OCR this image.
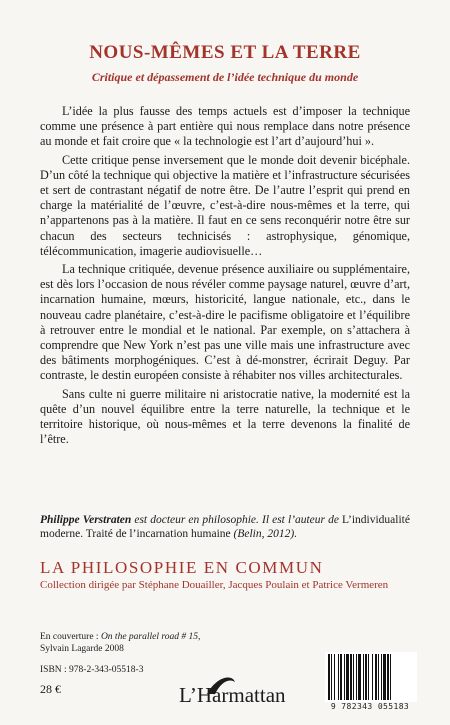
NOUS-MÊMES ET LA TERRE
Critique et dépassement de l’idée technique du monde

L’idée la plus fausse des temps actuels est d’imposer la technique comme une présence à part entière qui nous remplace dans notre présence au monde et fait croire que « la technologie est l’art d’aujourd’hui ».

Cette critique pense inversement que le monde doit devenir bicéphale. D’un côté la technique qui objective la matière et l’infrastructure sécurisées et sert de contrastant négatif de notre être. De l’autre l’esprit qui prend en charge la matérialité de l’œuvre, c’est-à-dire nous-mêmes et la terre, qui n’appartenons pas à la matière. Il faut en ce sens reconquérir notre être sur chacun des secteurs technicisés : astrophysique, génomique, télécommunication, imagerie audiovisuelle…

La technique critiquée, devenue présence auxiliaire ou supplémentaire, est dès lors l’occasion de nous révéler comme paysage naturel, œuvre d’art, incarnation humaine, mœurs, historicité, langue nationale, etc., dans le nouveau cadre planétaire, c’est-à-dire le pacifisme obligatoire et l’équilibre à retrouver entre le mondial et le national. Par exemple, on s’attachera à comprendre que New York n’est pas une ville mais une infrastructure avec des bâtiments morphogéniques. C’est à dé-monstrer, écrirait Deguy. Par contraste, le destin européen consiste à réhabiter nos villes architecturales.

Sans culte ni guerre militaire ni aristocratie native, la modernité est la quête d’un nouvel équilibre entre la terre naturelle, la technique et le territoire historique, où nous-mêmes et la terre devenons la finalité de l’être.

Philippe Verstraten est docteur en philosophie. Il est l’auteur de L’individualité moderne. Traité de l’incarnation humaine (Belin, 2012).
LA PHILOSOPHIE EN COMMUN
Collection dirigée par Stéphane Douailler, Jacques Poulain et Patrice Vermeren
En couverture : On the parallel road # 15,
Sylvain Lagarde 2008
ISBN : 978-2-343-05518-3
28 €	L’Harmattan	9 782343 055183
